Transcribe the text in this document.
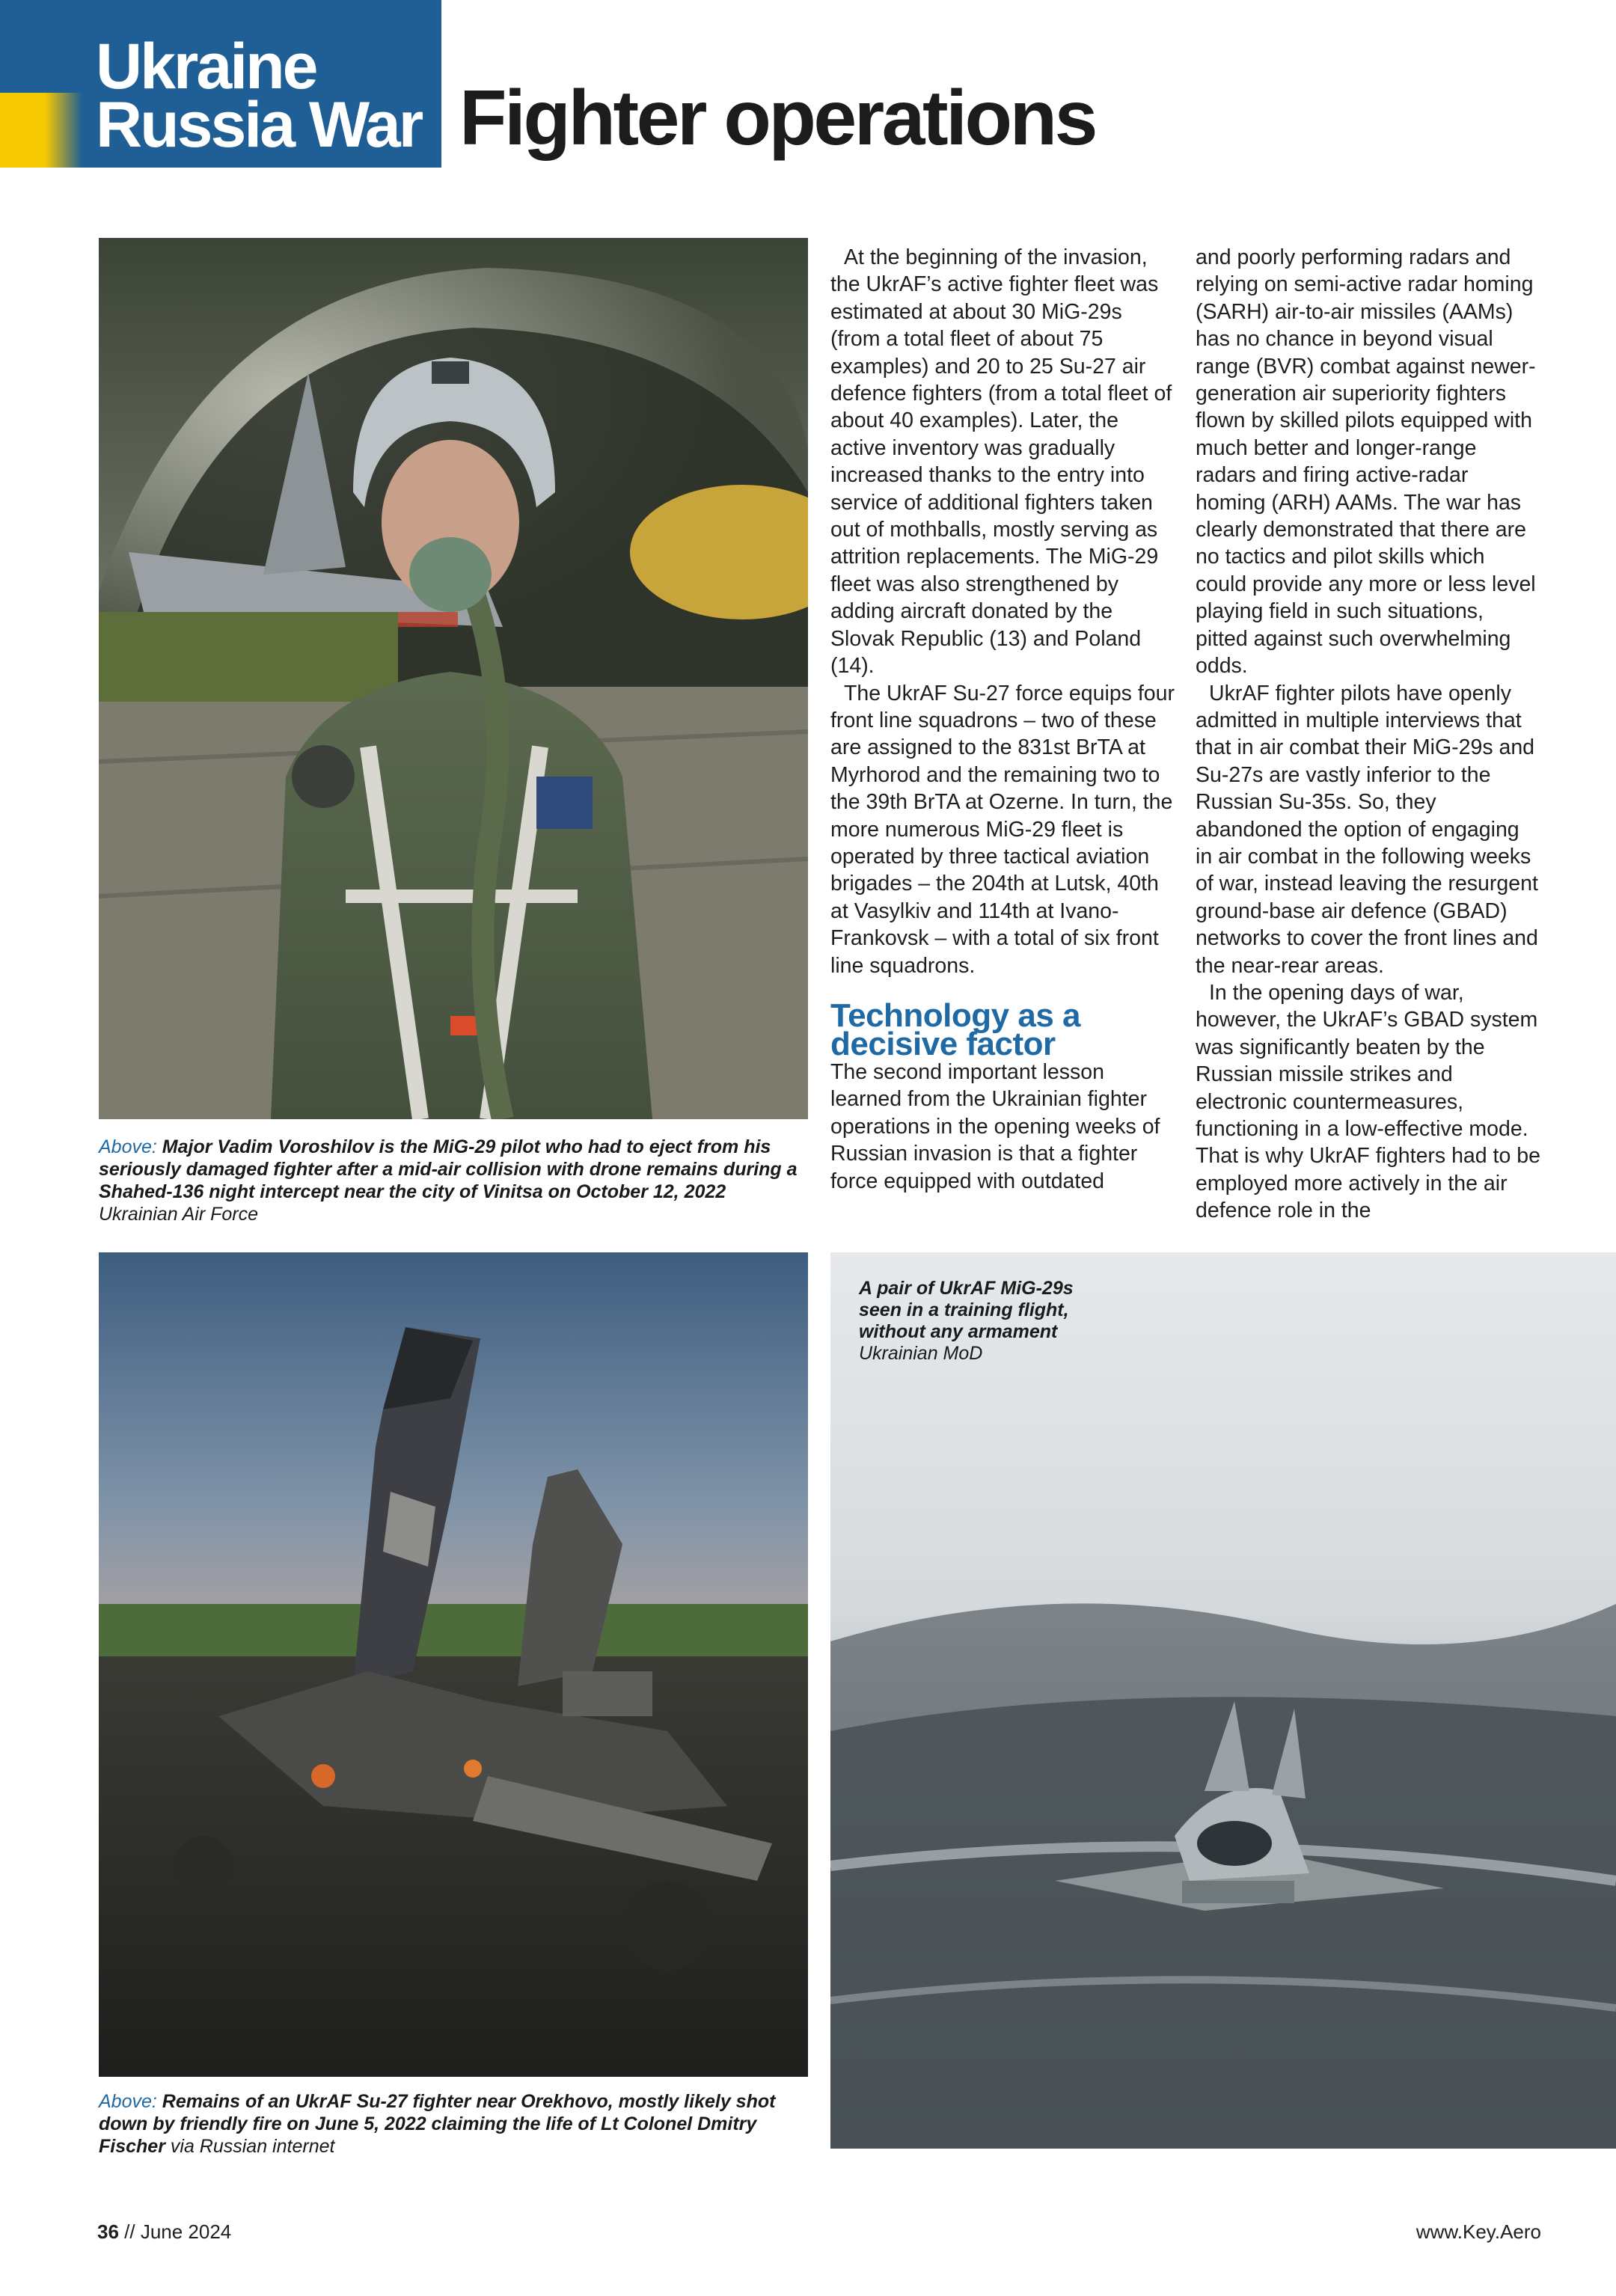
Ukraine
Russia War Fighter operations
Above: Major Vadim Voroshilov is the MiG-29 pilot who had to eject from his seriously damaged fighter after a mid-air collision with drone remains during a Shahed-136 night intercept near the city of Vinitsa on October 12, 2022
Ukrainian Air Force

At the beginning of the invasion, the UkrAF’s active fighter fleet was estimated at about 30 MiG-29s (from a total fleet of about 75 examples) and 20 to 25 Su-27 air defence fighters (from a total fleet of about 40 examples). Later, the active inventory was gradually increased thanks to the entry into service of additional fighters taken out of mothballs, mostly serving as attrition replacements. The MiG-29 fleet was also strengthened by adding aircraft donated by the Slovak Republic (13) and Poland (14).

The UkrAF Su-27 force equips four front line squadrons – two of these are assigned to the 831st BrTA at Myrhorod and the remaining two to the 39th BrTA at Ozerne. In turn, the more numerous MiG-29 fleet is operated by three tactical aviation brigades – the 204th at Lutsk, 40th at Vasylkiv and 114th at Ivano-Frankovsk – with a total of six front line squadrons.

Technology as a decisive factor

The second important lesson learned from the Ukrainian fighter operations in the opening weeks of Russian invasion is that a fighter force equipped with outdated

and poorly performing radars and relying on semi-active radar homing (SARH) air-to-air missiles (AAMs) has no chance in beyond visual range (BVR) combat against newer-generation air superiority fighters flown by skilled pilots equipped with much better and longer-range radars and firing active-radar homing (ARH) AAMs. The war has clearly demonstrated that there are no tactics and pilot skills which could provide any more or less level playing field in such situations, pitted against such overwhelming odds.

UkrAF fighter pilots have openly admitted in multiple interviews that that in air combat their MiG-29s and Su-27s are vastly inferior to the Russian Su-35s. So, they abandoned the option of engaging in air combat in the following weeks of war, instead leaving the resurgent ground-base air defence (GBAD) networks to cover the front lines and the near-rear areas.

In the opening days of war, however, the UkrAF’s GBAD system was significantly beaten by the Russian missile strikes and electronic countermeasures, functioning in a low-effective mode. That is why UkrAF fighters had to be employed more actively in the air defence role in the

Above: Remains of an UkrAF Su-27 fighter near Orekhovo, mostly likely shot down by friendly fire on June 5, 2022 claiming the life of Lt Colonel Dmitry Fischer via Russian internet
A pair of UkrAF MiG-29s seen in a training flight, without any armament
Ukrainian MoD
36 // June 2024	www.Key.Aero
